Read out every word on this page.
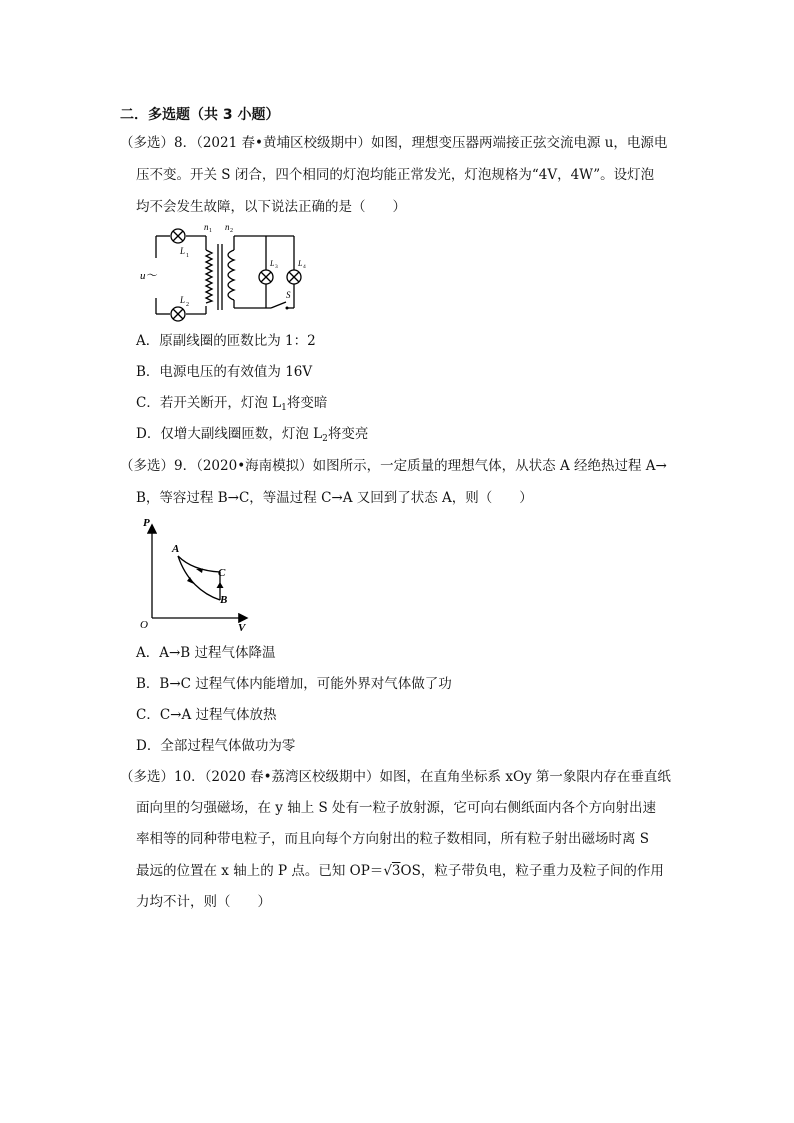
二．多选题（共 3 小题）
（多选）8．（2021 春•黄埔区校级期中）如图，理想变压器两端接正弦交流电源 u，电源电
压不变。开关 S 闭合，四个相同的灯泡均能正常发光，灯泡规格为“4V，4W”。设灯泡
均不会发生故障，以下说法正确的是（　　）
u～
L 1
L 2
n 1 n 2
L 3	L 4
S
A．原副线圈的匝数比为 1：2
B．电源电压的有效值为 16V
C．若开关断开，灯泡 $L_1$将变暗
D．仅增大副线圈匝数，灯泡 $L_2$将变亮
（多选）9．（2020•海南模拟）如图所示，一定质量的理想气体，从状态 A 经绝热过程 A→
B，等容过程 B→C，等温过程 C→A 又回到了状态 A，则（　　）
P
V
O
A
B
C
A．A→B 过程气体降温
B．B→C 过程气体内能增加，可能外界对气体做了功
C．C→A 过程气体放热
D．全部过程气体做功为零
（多选）10．（2020 春•荔湾区校级期中）如图，在直角坐标系 xOy 第一象限内存在垂直纸
面向里的匀强磁场，在 y 轴上 S 处有一粒子放射源，它可向右侧纸面内各个方向射出速
率相等的同种带电粒子，而且向每个方向射出的粒子数相同，所有粒子射出磁场时离 S
最远的位置在 x 轴上的 P 点。已知 OP＝√3OS，粒子带负电，粒子重力及粒子间的作用
力均不计，则（　　）
